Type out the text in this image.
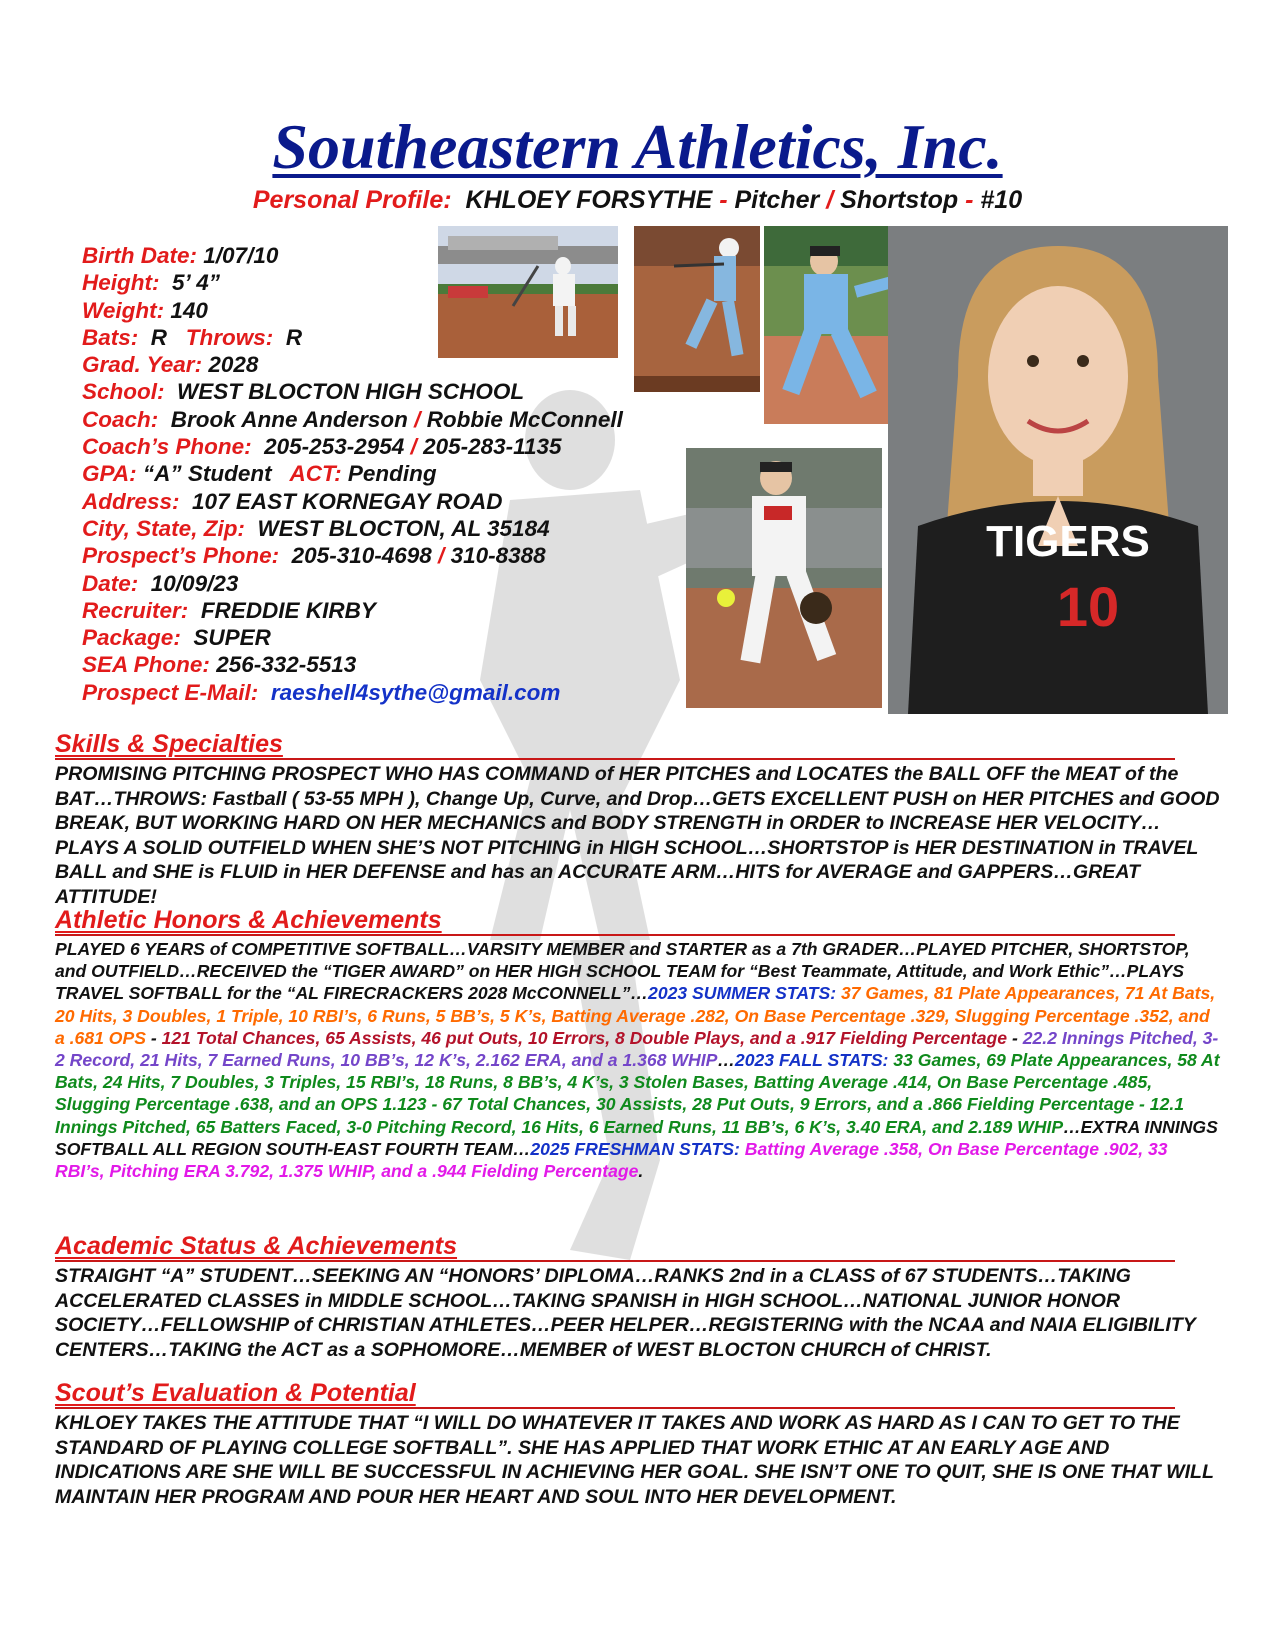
Southeastern Athletics, Inc.
Personal Profile: KHLOEY FORSYTHE - Pitcher / Shortstop - #10
Birth Date: 1/07/10
Height: 5’ 4”
Weight: 140
Bats: R Throws: R
Grad. Year: 2028
School: WEST BLOCTON HIGH SCHOOL
Coach: Brook Anne Anderson / Robbie McConnell
Coach’s Phone: 205-253-2954 / 205-283-1135
GPA: “A” Student ACT: Pending
Address: 107 EAST KORNEGAY ROAD
City, State, Zip: WEST BLOCTON, AL 35184
Prospect’s Phone: 205-310-4698 / 310-8388
Date: 10/09/23
Recruiter: FREDDIE KIRBY
Package: SUPER
SEA Phone: 256-332-5513
Prospect E-Mail: raeshell4sythe@gmail.com
TIGERS
10
Skills & Specialties
PROMISING PITCHING PROSPECT WHO HAS COMMAND of HER PITCHES and LOCATES the BALL OFF the MEAT of the BAT…THROWS: Fastball ( 53-55 MPH ), Change Up, Curve, and Drop…GETS EXCELLENT PUSH on HER PITCHES and GOOD BREAK, BUT WORKING HARD ON HER MECHANICS and BODY STRENGTH in ORDER to INCREASE HER VELOCITY…PLAYS A SOLID OUTFIELD WHEN SHE’S NOT PITCHING in HIGH SCHOOL…SHORTSTOP is HER DESTINATION in TRAVEL BALL and SHE is FLUID in HER DEFENSE and has an ACCURATE ARM…HITS for AVERAGE and GAPPERS…GREAT ATTITUDE!
Athletic Honors & Achievements
PLAYED 6 YEARS of COMPETITIVE SOFTBALL…VARSITY MEMBER and STARTER as a 7th GRADER…PLAYED PITCHER, SHORTSTOP, and OUTFIELD…RECEIVED the “TIGER AWARD” on HER HIGH SCHOOL TEAM for “Best Teammate, Attitude, and Work Ethic”…PLAYS TRAVEL SOFTBALL for the “AL FIRECRACKERS 2028 McCONNELL”…2023 SUMMER STATS: 37 Games, 81 Plate Appearances, 71 At Bats, 20 Hits, 3 Doubles, 1 Triple, 10 RBI’s, 6 Runs, 5 BB’s, 5 K’s, Batting Average .282, On Base Percentage .329, Slugging Percentage .352, and a .681 OPS - 121 Total Chances, 65 Assists, 46 put Outs, 10 Errors, 8 Double Plays, and a .917 Fielding Percentage - 22.2 Innings Pitched, 3-2 Record, 21 Hits, 7 Earned Runs, 10 BB’s, 12 K’s, 2.162 ERA, and a 1.368 WHIP…2023 FALL STATS: 33 Games, 69 Plate Appearances, 58 At Bats, 24 Hits, 7 Doubles, 3 Triples, 15 RBI’s, 18 Runs, 8 BB’s, 4 K’s, 3 Stolen Bases, Batting Average .414, On Base Percentage .485, Slugging Percentage .638, and an OPS 1.123 - 67 Total Chances, 30 Assists, 28 Put Outs, 9 Errors, and a .866 Fielding Percentage - 12.1 Innings Pitched, 65 Batters Faced, 3-0 Pitching Record, 16 Hits, 6 Earned Runs, 11 BB’s, 6 K’s, 3.40 ERA, and 2.189 WHIP…EXTRA INNINGS SOFTBALL ALL REGION SOUTH-EAST FOURTH TEAM…2025 FRESHMAN STATS: Batting Average .358, On Base Percentage .902, 33 RBI’s, Pitching ERA 3.792, 1.375 WHIP, and a .944 Fielding Percentage.
Academic Status & Achievements
STRAIGHT “A” STUDENT…SEEKING AN “HONORS’ DIPLOMA…RANKS 2nd in a CLASS of 67 STUDENTS…TAKING ACCELERATED CLASSES in MIDDLE SCHOOL…TAKING SPANISH in HIGH SCHOOL…NATIONAL JUNIOR HONOR SOCIETY…FELLOWSHIP of CHRISTIAN ATHLETES…PEER HELPER…REGISTERING with the NCAA and NAIA ELIGIBILITY CENTERS…TAKING the ACT as a SOPHOMORE…MEMBER of WEST BLOCTON CHURCH of CHRIST.
Scout’s Evaluation & Potential
KHLOEY TAKES THE ATTITUDE THAT “I WILL DO WHATEVER IT TAKES AND WORK AS HARD AS I CAN TO GET TO THE STANDARD OF PLAYING COLLEGE SOFTBALL”. SHE HAS APPLIED THAT WORK ETHIC AT AN EARLY AGE AND INDICATIONS ARE SHE WILL BE SUCCESSFUL IN ACHIEVING HER GOAL. SHE ISN’T ONE TO QUIT, SHE IS ONE THAT WILL MAINTAIN HER PROGRAM AND POUR HER HEART AND SOUL INTO HER DEVELOPMENT.
